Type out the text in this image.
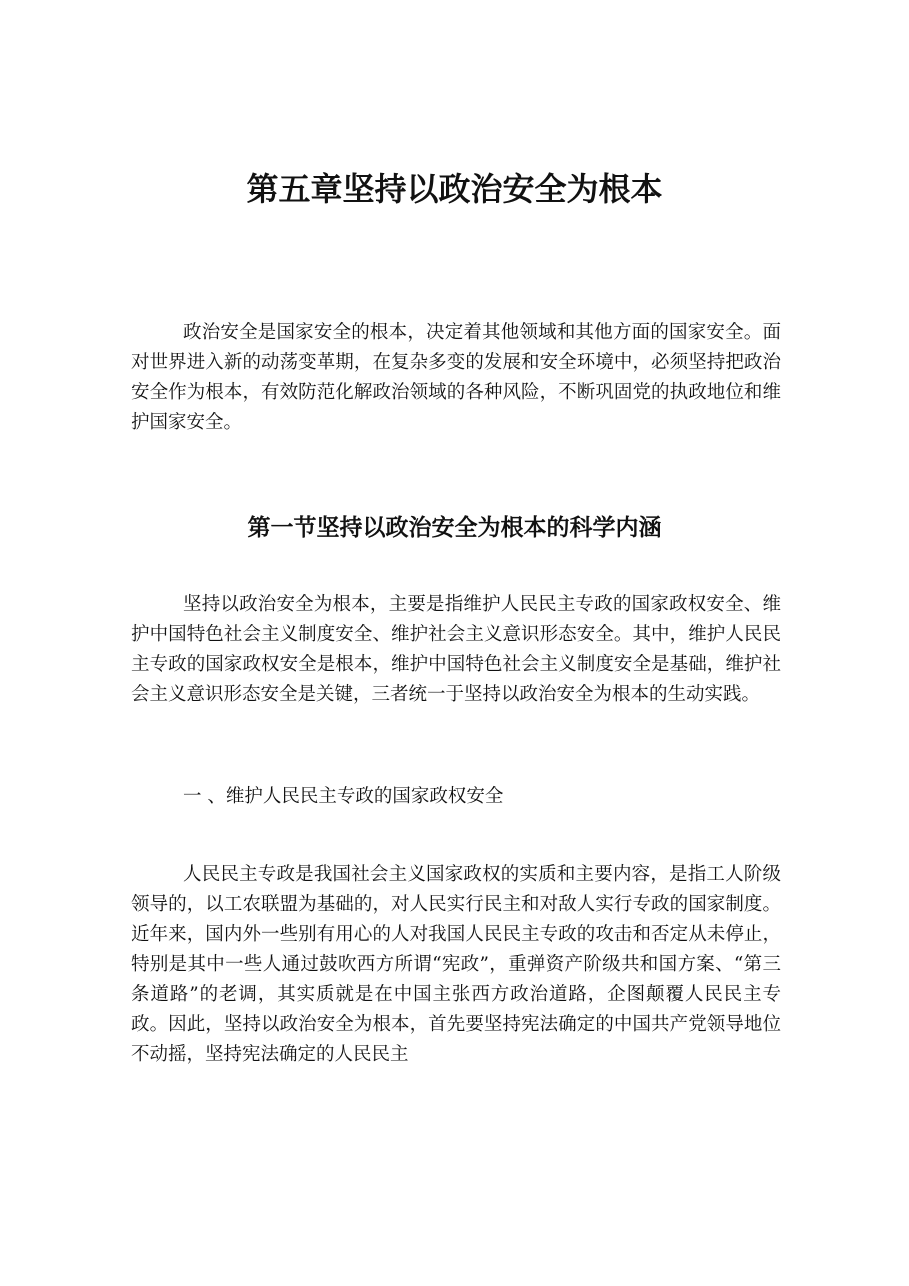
第五章坚持以政治安全为根本

政治安全是国家安全的根本，决定着其他领域和其他方面的国家安全。面对世界进入新的动荡变革期，在复杂多变的发展和安全环境中，必须坚持把政治安全作为根本，有效防范化解政治领域的各种风险，不断巩固党的执政地位和维护国家安全。

第一节坚持以政治安全为根本的科学内涵

坚持以政治安全为根本，主要是指维护人民民主专政的国家政权安全、维护中国特色社会主义制度安全、维护社会主义意识形态安全。其中，维护人民民主专政的国家政权安全是根本，维护中国特色社会主义制度安全是基础，维护社会主义意识形态安全是关键，三者统一于坚持以政治安全为根本的生动实践。

一 、维护人民民主专政的国家政权安全

人民民主专政是我国社会主义国家政权的实质和主要内容，是指工人阶级领导的，以工农联盟为基础的，对人民实行民主和对敌人实行专政的国家制度。近年来，国内外一些别有用心的人对我国人民民主专政的攻击和否定从未停止，特别是其中一些人通过鼓吹西方所谓“宪政”，重弹资产阶级共和国方案、“第三条道路”的老调，其实质就是在中国主张西方政治道路，企图颠覆人民民主专政。因此，坚持以政治安全为根本，首先要坚持宪法确定的中国共产党领导地位不动摇，坚持宪法确定的人民民主
